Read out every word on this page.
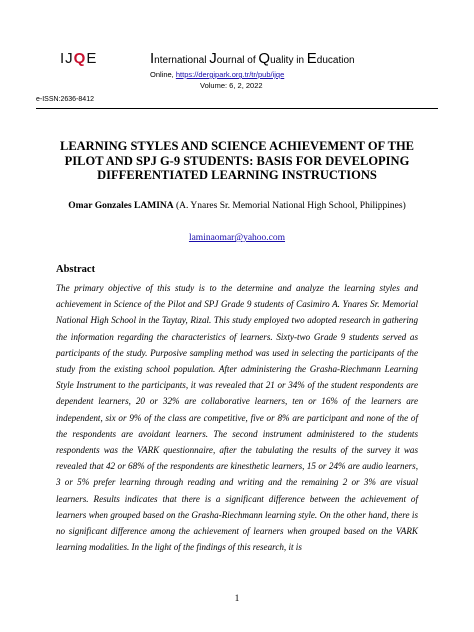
IJQE	International Journal of Quality in Education
Online, https://dergipark.org.tr/tr/pub/ijqe
Volume: 6, 2, 2022
e-ISSN:2636-8412
LEARNING STYLES AND SCIENCE ACHIEVEMENT OF THE PILOT AND SPJ G-9 STUDENTS: BASIS FOR DEVELOPING DIFFERENTIATED LEARNING INSTRUCTIONS
Omar Gonzales LAMINA (A. Ynares Sr. Memorial National High School, Philippines)
laminaomar@yahoo.com
Abstract

The primary objective of this study is to the determine and analyze the learning styles and achievement in Science of the Pilot and SPJ Grade 9 students of Casimiro A. Ynares Sr. Memorial National High School in the Taytay, Rizal. This study employed two adopted research in gathering the information regarding the characteristics of learners. Sixty-two Grade 9 students served as participants of the study. Purposive sampling method was used in selecting the participants of the study from the existing school population. After administering the Grasha-Riechmann Learning Style Instrument to the participants, it was revealed that 21 or 34% of the student respondents are dependent learners, 20 or 32% are collaborative learners, ten or 16% of the learners are independent, six or 9% of the class are competitive, five or 8% are participant and none of the of the respondents are avoidant learners. The second instrument administered to the students respondents was the VARK questionnaire, after the tabulating the results of the survey it was revealed that 42 or 68% of the respondents are kinesthetic learners, 15 or 24% are audio learners, 3 or 5% prefer learning through reading and writing and the remaining 2 or 3% are visual learners. Results indicates that there is a significant difference between the achievement of learners when grouped based on the Grasha-Riechmann learning style. On the other hand, there is no significant difference among the achievement of learners when grouped based on the VARK learning modalities. In the light of the findings of this research, it is

1
